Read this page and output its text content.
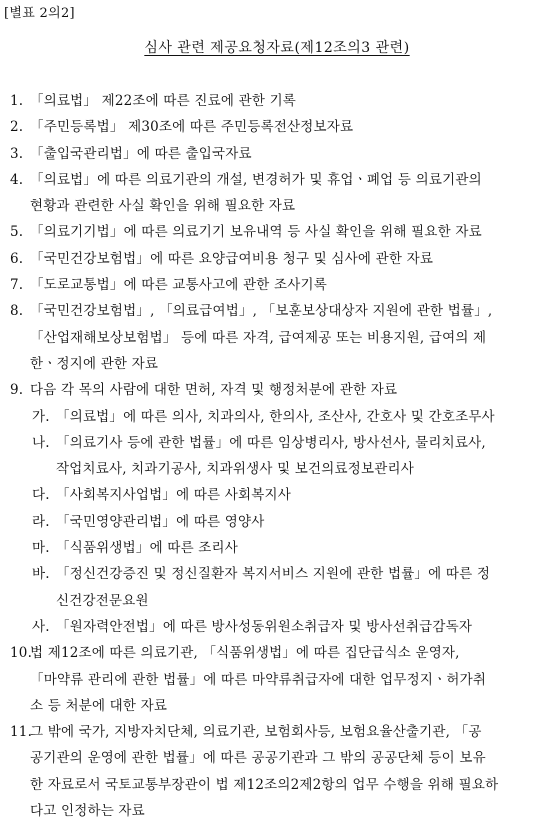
[별표 2의2]
심사 관련 제공요청자료(제12조의3 관련)
1. 「의료법」 제22조에 따른 진료에 관한 기록
2. 「주민등록법」 제30조에 따른 주민등록전산정보자료
3. 「출입국관리법」에 따른 출입국자료
4. 「의료법」에 따른 의료기관의 개설, 변경허가 및 휴업ㆍ폐업 등 의료기관의
현황과 관련한 사실 확인을 위해 필요한 자료
5. 「의료기기법」에 따른 의료기기 보유내역 등 사실 확인을 위해 필요한 자료
6. 「국민건강보험법」에 따른 요양급여비용 청구 및 심사에 관한 자료
7. 「도로교통법」에 따른 교통사고에 관한 조사기록
8. 「국민건강보험법」, 「의료급여법」, 「보훈보상대상자 지원에 관한 법률」,
「산업재해보상보험법」 등에 따른 자격, 급여제공 또는 비용지원, 급여의 제
한ㆍ정지에 관한 자료
9. 다음 각 목의 사람에 대한 면허, 자격 및 행정처분에 관한 자료
가. 「의료법」에 따른 의사, 치과의사, 한의사, 조산사, 간호사 및 간호조무사
나. 「의료기사 등에 관한 법률」에 따른 임상병리사, 방사선사, 물리치료사,
작업치료사, 치과기공사, 치과위생사 및 보건의료정보관리사
다. 「사회복지사업법」에 따른 사회복지사
라. 「국민영양관리법」에 따른 영양사
마. 「식품위생법」에 따른 조리사
바. 「정신건강증진 및 정신질환자 복지서비스 지원에 관한 법률」에 따른 정
신건강전문요원
사. 「원자력안전법」에 따른 방사성동위원소취급자 및 방사선취급감독자
10.
법 제12조에 따른 의료기관, 「식품위생법」에 따른 집단급식소 운영자,
「마약류 관리에 관한 법률」에 따른 마약류취급자에 대한 업무정지ㆍ허가취
소 등 처분에 대한 자료
11.
그 밖에 국가, 지방자치단체, 의료기관, 보험회사등, 보험요율산출기관, 「공
공기관의 운영에 관한 법률」에 따른 공공기관과 그 밖의 공공단체 등이 보유
한 자료로서 국토교통부장관이 법 제12조의2제2항의 업무 수행을 위해 필요하
다고 인정하는 자료
